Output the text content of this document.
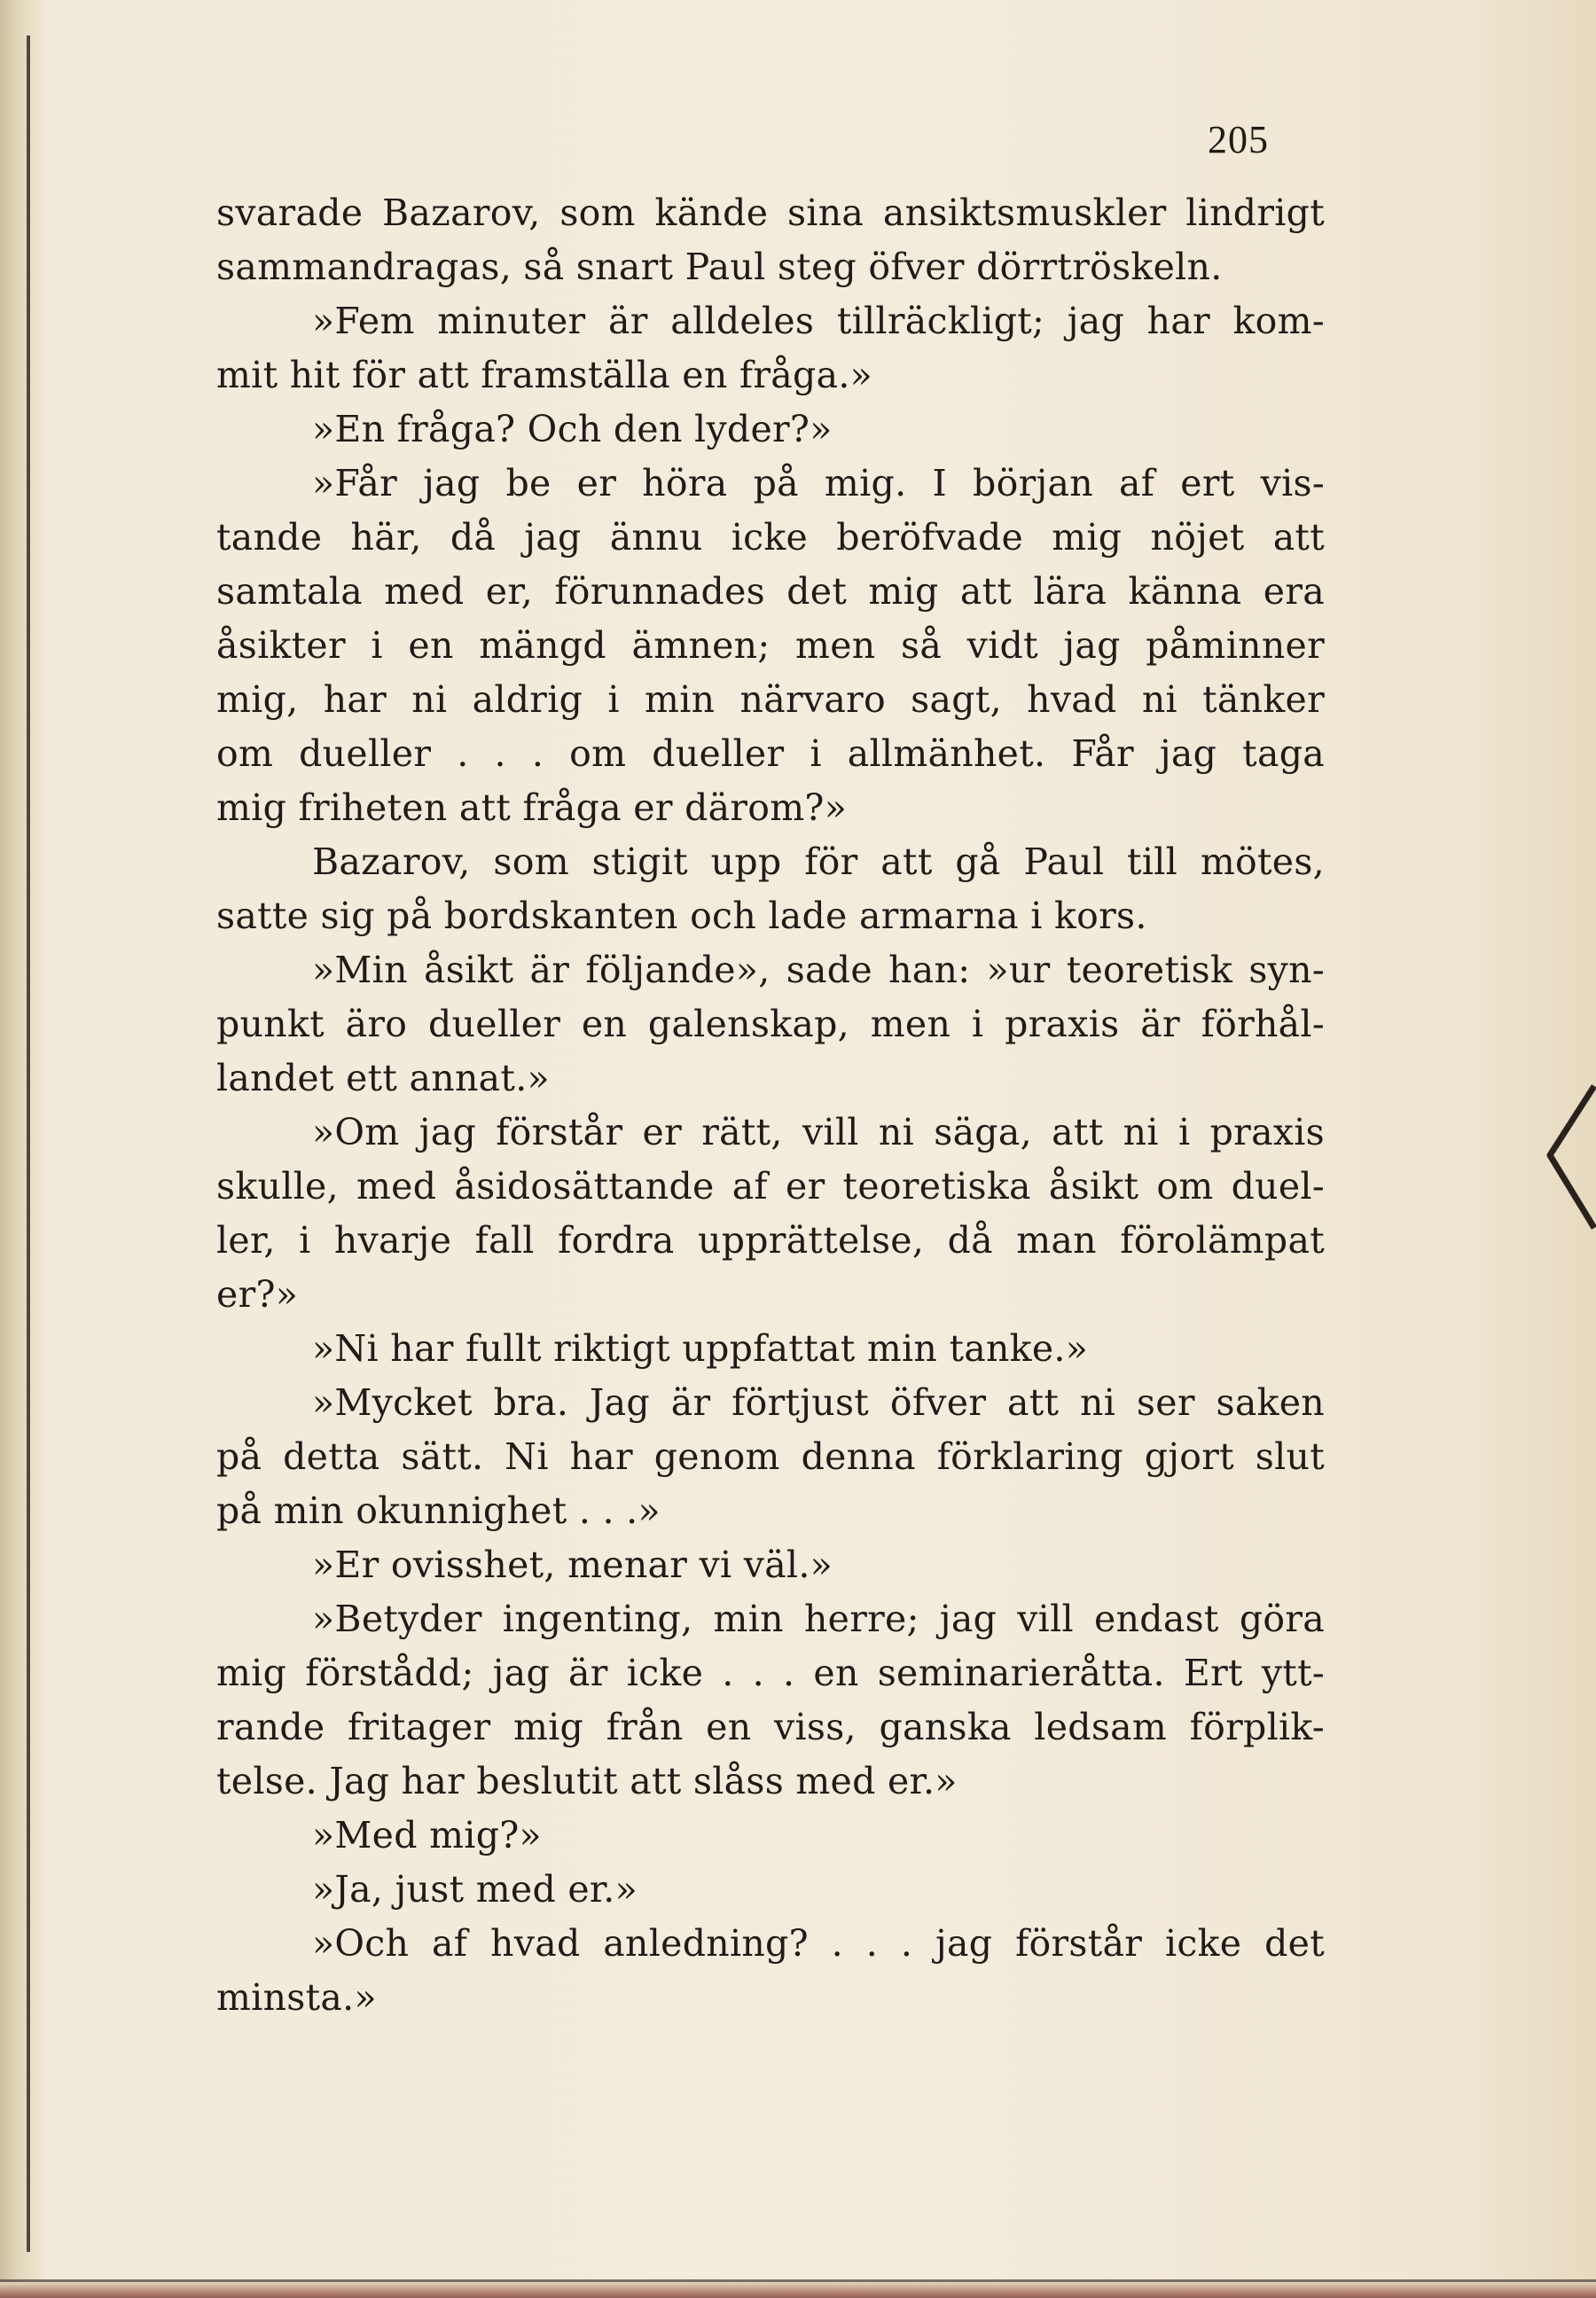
205
svarade Bazarov, som kände sina ansiktsmuskler lindrigt
sammandragas, så snart Paul steg öfver dörrtröskeln.
»Fem minuter är alldeles tillräckligt; jag har kom-
mit hit för att framställa en fråga.»
»En fråga? Och den lyder?»
»Får jag be er höra på mig. I början af ert vis-
tande här, då jag ännu icke beröfvade mig nöjet att
samtala med er, förunnades det mig att lära känna era
åsikter i en mängd ämnen; men så vidt jag påminner
mig, har ni aldrig i min närvaro sagt, hvad ni tänker
om dueller . . . om dueller i allmänhet. Får jag taga
mig friheten att fråga er därom?»
Bazarov, som stigit upp för att gå Paul till mötes,
satte sig på bordskanten och lade armarna i kors.
»Min åsikt är följande», sade han: »ur teoretisk syn-
punkt äro dueller en galenskap, men i praxis är förhål-
landet ett annat.»
»Om jag förstår er rätt, vill ni säga, att ni i praxis
skulle, med åsidosättande af er teoretiska åsikt om duel-
ler, i hvarje fall fordra upprättelse, då man förolämpat
er?»
»Ni har fullt riktigt uppfattat min tanke.»
»Mycket bra. Jag är förtjust öfver att ni ser saken
på detta sätt. Ni har genom denna förklaring gjort slut
på min okunnighet . . .»
»Er ovisshet, menar vi väl.»
»Betyder ingenting, min herre; jag vill endast göra
mig förstådd; jag är icke . . . en seminarieråtta. Ert ytt-
rande fritager mig från en viss, ganska ledsam förplik-
telse. Jag har beslutit att slåss med er.»
»Med mig?»
»Ja, just med er.»
»Och af hvad anledning? . . . jag förstår icke det
minsta.»
